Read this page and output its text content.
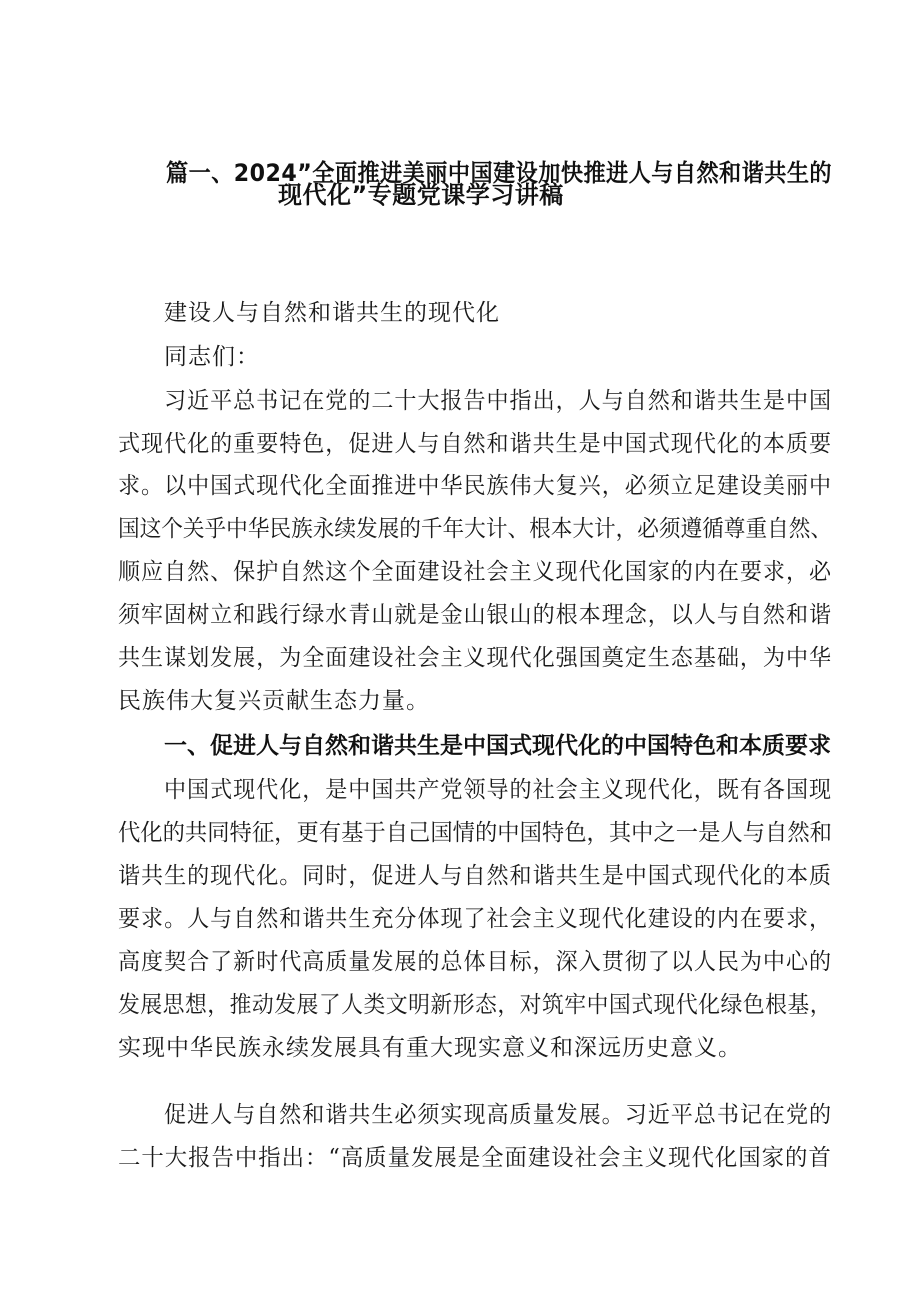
篇一、2024”全面推进美丽中国建设加快推进人与自然和谐共生的
现代化”专题党课学习讲稿
建设人与自然和谐共生的现代化
同志们：
习近平总书记在党的二十大报告中指出，人与自然和谐共生是中国
式现代化的重要特色，促进人与自然和谐共生是中国式现代化的本质要
求。以中国式现代化全面推进中华民族伟大复兴，必须立足建设美丽中
国这个关乎中华民族永续发展的千年大计、根本大计，必须遵循尊重自然、
顺应自然、保护自然这个全面建设社会主义现代化国家的内在要求，必
须牢固树立和践行绿水青山就是金山银山的根本理念，以人与自然和谐
共生谋划发展，为全面建设社会主义现代化强国奠定生态基础，为中华
民族伟大复兴贡献生态力量。
一、促进人与自然和谐共生是中国式现代化的中国特色和本质要求
中国式现代化，是中国共产党领导的社会主义现代化，既有各国现
代化的共同特征，更有基于自己国情的中国特色，其中之一是人与自然和
谐共生的现代化。同时，促进人与自然和谐共生是中国式现代化的本质
要求。人与自然和谐共生充分体现了社会主义现代化建设的内在要求，
高度契合了新时代高质量发展的总体目标，深入贯彻了以人民为中心的
发展思想，推动发展了人类文明新形态，对筑牢中国式现代化绿色根基，
实现中华民族永续发展具有重大现实意义和深远历史意义。
促进人与自然和谐共生必须实现高质量发展。习近平总书记在党的
二十大报告中指出：“高质量发展是全面建设社会主义现代化国家的首
